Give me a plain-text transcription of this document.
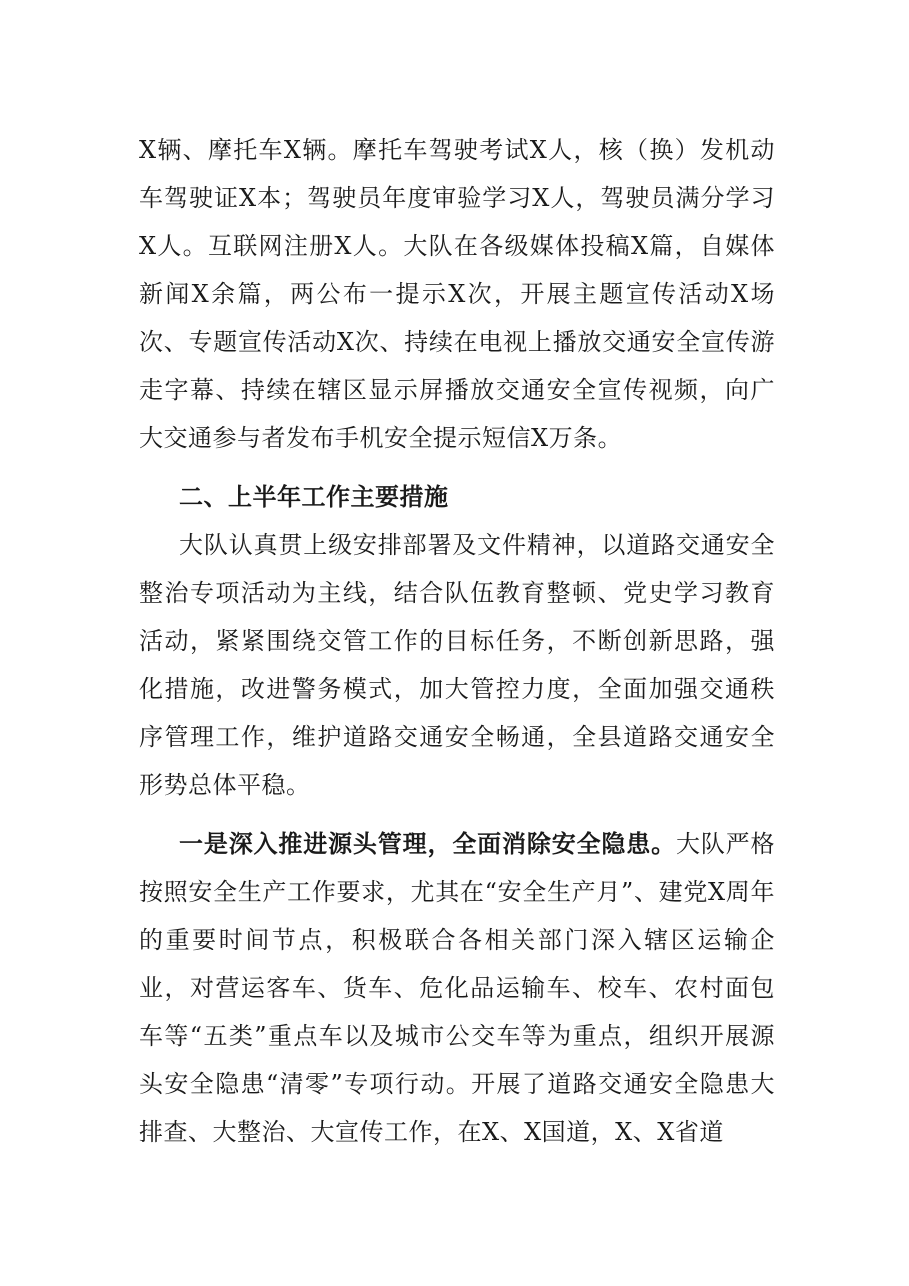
X辆、摩托车X辆。摩托车驾驶考试X人，核（换）发机动车驾驶证X本；驾驶员年度审验学习X人，驾驶员满分学习X人。互联网注册X人。大队在各级媒体投稿X篇，自媒体新闻X余篇，两公布一提示X次，开展主题宣传活动X场次、专题宣传活动X次、持续在电视上播放交通安全宣传游走字幕、持续在辖区显示屏播放交通安全宣传视频，向广大交通参与者发布手机安全提示短信X万条。

二、上半年工作主要措施

大队认真贯上级安排部署及文件精神，以道路交通安全整治专项活动为主线，结合队伍教育整顿、党史学习教育活动，紧紧围绕交管工作的目标任务，不断创新思路，强化措施，改进警务模式，加大管控力度，全面加强交通秩序管理工作，维护道路交通安全畅通，全县道路交通安全形势总体平稳。

一是深入推进源头管理，全面消除安全隐患。大队严格按照安全生产工作要求，尤其在“安全生产月”、建党X周年的重要时间节点，积极联合各相关部门深入辖区运输企业，对营运客车、货车、危化品运输车、校车、农村面包车等“五类”重点车以及城市公交车等为重点，组织开展源头安全隐患“清零”专项行动。开展了道路交通安全隐患大排查、大整治、大宣传工作，在X、X国道，X、X省道
